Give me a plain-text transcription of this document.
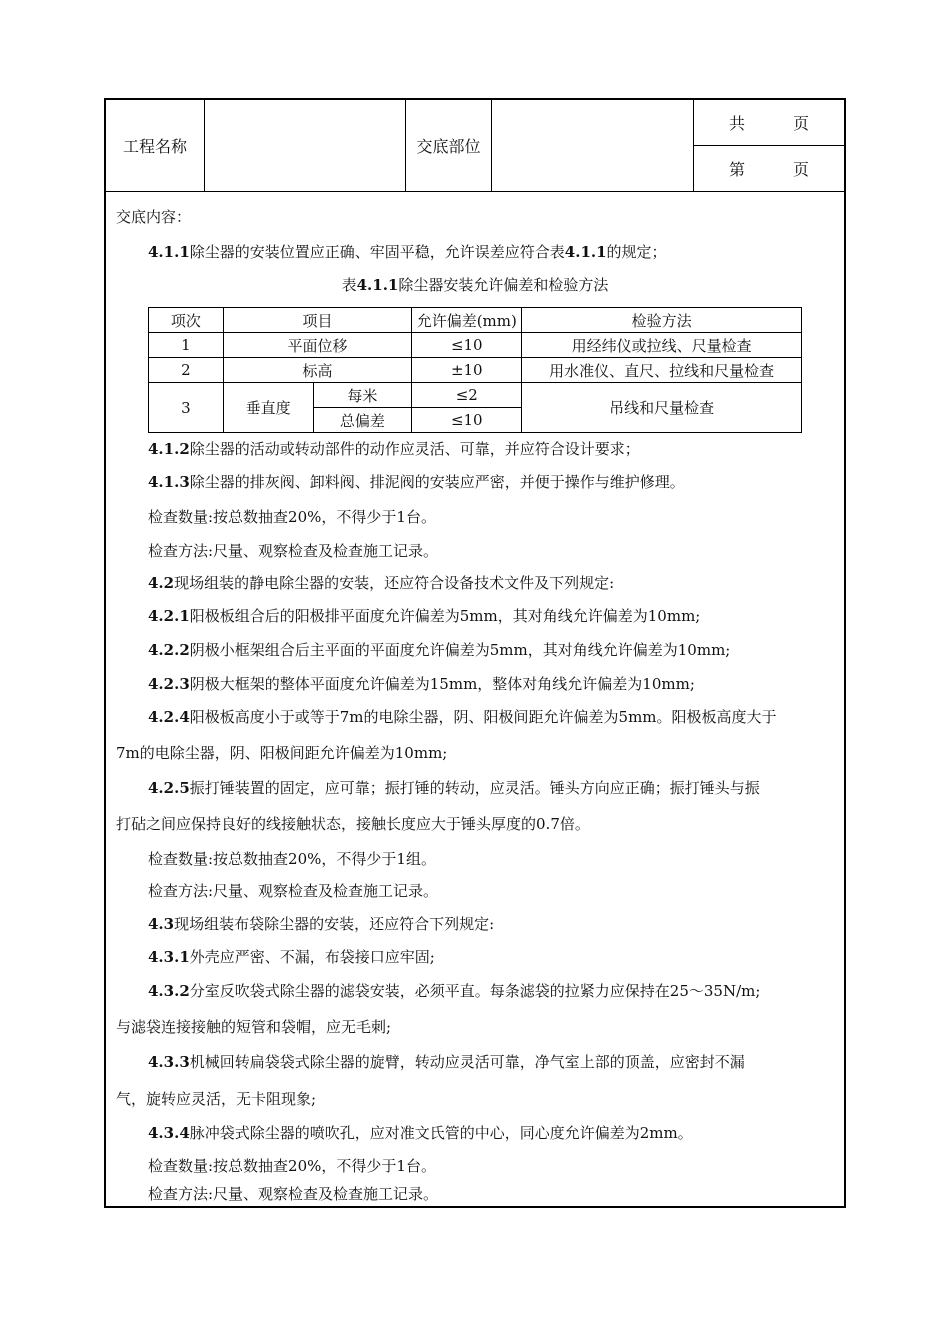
工程名称	交底部位
共　　　页
第　　　页
交底内容：
4.1.1除尘器的安装位置应正确、牢固平稳，允许误差应符合表4.1.1的规定；
表4.1.1除尘器安装允许偏差和检验方法
项次	项目		允许偏差(mm)	检验方法
1	平面位移		≤10	用经纬仪或拉线、尺量检查
2	标高		±10	用水准仪、直尺、拉线和尺量检查
3	垂直度	每米	≤2	吊线和尺量检查
		总偏差	≤10	
4.1.2除尘器的活动或转动部件的动作应灵活、可靠，并应符合设计要求；
4.1.3除尘器的排灰阀、卸料阀、排泥阀的安装应严密，并便于操作与维护修理。
检查数量:按总数抽查20%，不得少于1台。
检查方法:尺量、观察检查及检查施工记录。
4.2现场组装的静电除尘器的安装，还应符合设备技术文件及下列规定:
4.2.1阳极板组合后的阳极排平面度允许偏差为5mm，其对角线允许偏差为10mm;
4.2.2阴极小框架组合后主平面的平面度允许偏差为5mm，其对角线允许偏差为10mm;
4.2.3阴极大框架的整体平面度允许偏差为15mm，整体对角线允许偏差为10mm;
4.2.4阳极板高度小于或等于7m的电除尘器，阴、阳极间距允许偏差为5mm。阳极板高度大于
7m的电除尘器，阴、阳极间距允许偏差为10mm;
4.2.5振打锤装置的固定，应可靠；振打锤的转动，应灵活。锤头方向应正确；振打锤头与振
打砧之间应保持良好的线接触状态，接触长度应大于锤头厚度的0.7倍。
检查数量:按总数抽查20%，不得少于1组。
检查方法:尺量、观察检查及检查施工记录。
4.3现场组装布袋除尘器的安装，还应符合下列规定:
4.3.1外壳应严密、不漏，布袋接口应牢固;
4.3.2分室反吹袋式除尘器的滤袋安装，必须平直。每条滤袋的拉紧力应保持在25～35N/m;
与滤袋连接接触的短管和袋帽，应无毛刺;
4.3.3机械回转扁袋袋式除尘器的旋臂，转动应灵活可靠，净气室上部的顶盖，应密封不漏
气，旋转应灵活，无卡阻现象;
4.3.4脉冲袋式除尘器的喷吹孔，应对准文氏管的中心，同心度允许偏差为2mm。
检查数量:按总数抽查20%，不得少于1台。
检查方法:尺量、观察检查及检查施工记录。
